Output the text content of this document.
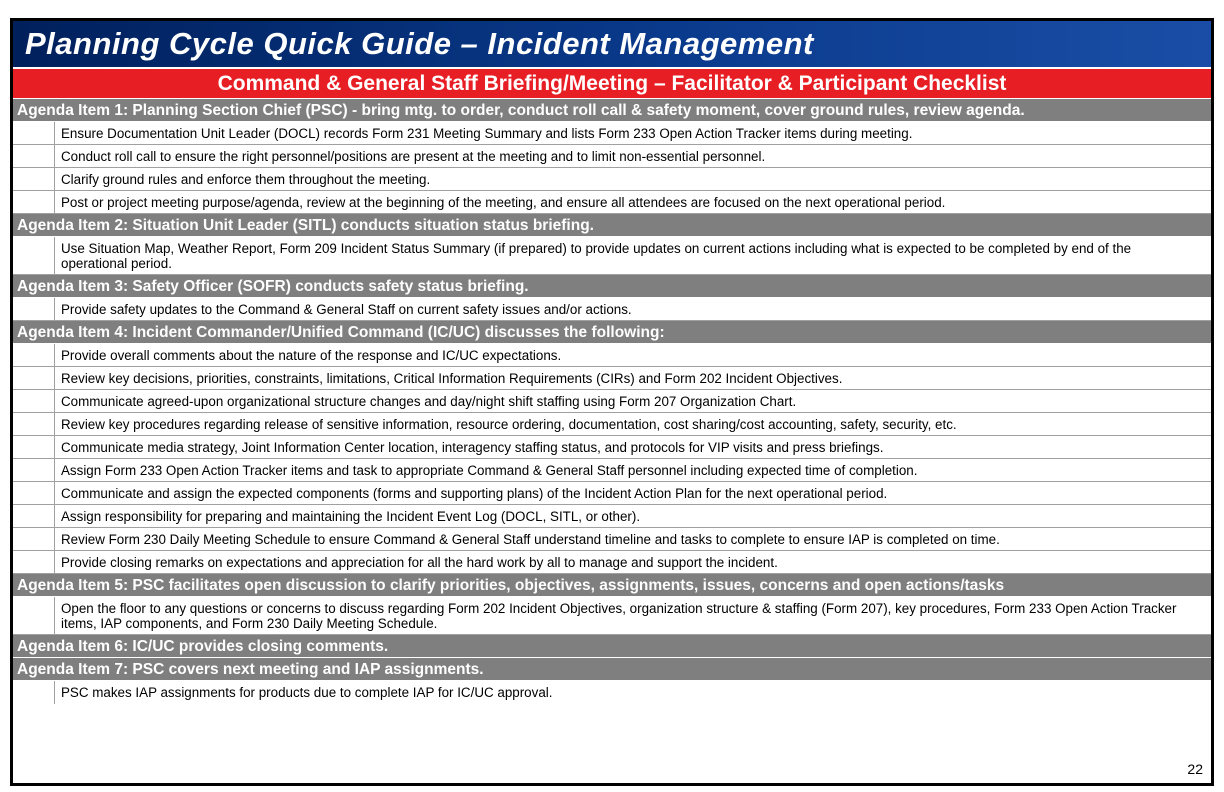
Planning Cycle Quick Guide – Incident Management
Command & General Staff Briefing/Meeting – Facilitator & Participant Checklist
Agenda Item 1: Planning Section Chief (PSC) - bring mtg. to order, conduct roll call & safety moment, cover ground rules, review agenda.
Ensure Documentation Unit Leader (DOCL) records Form 231 Meeting Summary and lists Form 233 Open Action Tracker items during meeting.
Conduct roll call to ensure the right personnel/positions are present at the meeting and to limit non-essential personnel.
Clarify ground rules and enforce them throughout the meeting.
Post or project meeting purpose/agenda, review at the beginning of the meeting, and ensure all attendees are focused on the next operational period.
Agenda Item 2: Situation Unit Leader (SITL) conducts situation status briefing.
Use Situation Map, Weather Report, Form 209 Incident Status Summary (if prepared) to provide updates on current actions including what is expected to be completed by end of the operational period.
Agenda Item 3: Safety Officer (SOFR) conducts safety status briefing.
Provide safety updates to the Command & General Staff on current safety issues and/or actions.
Agenda Item 4: Incident Commander/Unified Command (IC/UC) discusses the following:
Provide overall comments about the nature of the response and IC/UC expectations.
Review key decisions, priorities, constraints, limitations, Critical Information Requirements (CIRs) and Form 202 Incident Objectives.
Communicate agreed-upon organizational structure changes and day/night shift staffing using Form 207 Organization Chart.
Review key procedures regarding release of sensitive information, resource ordering, documentation, cost sharing/cost accounting, safety, security, etc.
Communicate media strategy, Joint Information Center location, interagency staffing status, and protocols for VIP visits and press briefings.
Assign Form 233 Open Action Tracker items and task to appropriate Command & General Staff personnel including expected time of completion.
Communicate and assign the expected components (forms and supporting plans) of the Incident Action Plan for the next operational period.
Assign responsibility for preparing and maintaining the Incident Event Log (DOCL, SITL, or other).
Review Form 230 Daily Meeting Schedule to ensure Command & General Staff understand timeline and tasks to complete to ensure IAP is completed on time.
Provide closing remarks on expectations and appreciation for all the hard work by all to manage and support the incident.
Agenda Item 5: PSC facilitates open discussion to clarify priorities, objectives, assignments, issues, concerns and open actions/tasks
Open the floor to any questions or concerns to discuss regarding Form 202 Incident Objectives, organization structure & staffing (Form 207), key procedures, Form 233 Open Action Tracker items, IAP components, and Form 230 Daily Meeting Schedule.
Agenda Item 6: IC/UC provides closing comments.
Agenda Item 7: PSC covers next meeting and IAP assignments.
PSC makes IAP assignments for products due to complete IAP for IC/UC approval.
22
